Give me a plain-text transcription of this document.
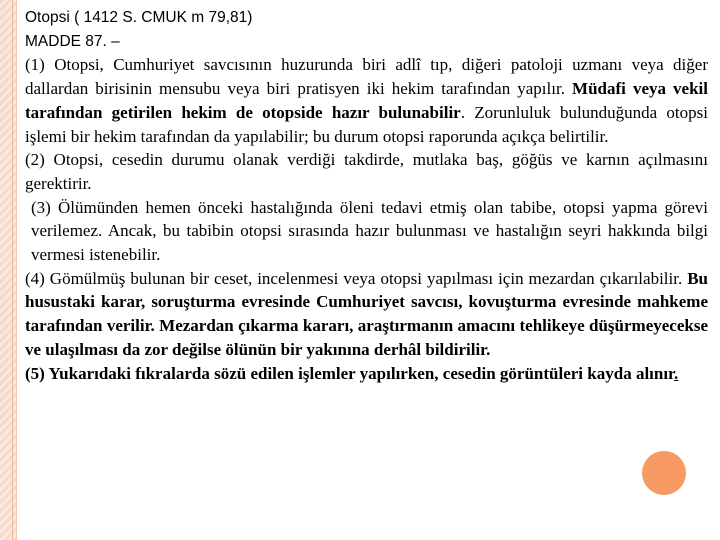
Otopsi ( 1412 S. CMUK m 79,81)

MADDE 87. –

(1) Otopsi, Cumhuriyet savcısının huzurunda biri adlî tıp, diğeri patoloji uzmanı veya diğer dallardan birisinin mensubu veya biri pratisyen iki hekim tarafından yapılır. Müdafi veya vekil tarafından getirilen hekim de otopside hazır bulunabilir. Zorunluluk bulunduğunda otopsi işlemi bir hekim tarafından da yapılabilir; bu durum otopsi raporunda açıkça belirtilir.

(2) Otopsi, cesedin durumu olanak verdiği takdirde, mutlaka baş, göğüs ve karnın açılmasını gerektirir.

(3) Ölümünden hemen önceki hastalığında öleni tedavi etmiş olan tabibe, otopsi yapma görevi verilemez. Ancak, bu tabibin otopsi sırasında hazır bulunması ve hastalığın seyri hakkında bilgi vermesi istenebilir.

(4) Gömülmüş bulunan bir ceset, incelenmesi veya otopsi yapılması için mezardan çıkarılabilir. Bu husustaki karar, soruşturma evresinde Cumhuriyet savcısı, kovuşturma evresinde mahkeme tarafından verilir. Mezardan çıkarma kararı, araştırmanın amacını tehlikeye düşürmeyecekse ve ulaşılması da zor değilse ölünün bir yakınına derhâl bildirilir.

(5) Yukarıdaki fıkralarda sözü edilen işlemler yapılırken, cesedin görüntüleri kayda alınır.
